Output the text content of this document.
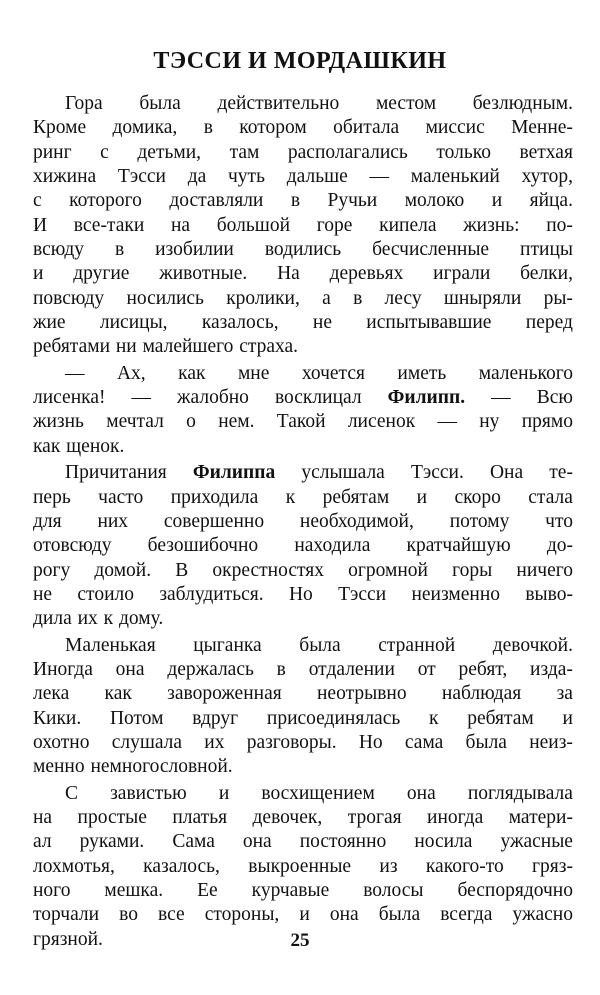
ТЭССИ И МОРДАШКИН
Гора была действительно местом безлюдным.
Кроме домика, в котором обитала миссис Менне-
ринг с детьми, там располагались только ветхая
хижина Тэсси да чуть дальше — маленький хутор,
с которого доставляли в Ручьи молоко и яйца.
И все-таки на большой горе кипела жизнь: по-
всюду в изобилии водились бесчисленные птицы
и другие животные. На деревьях играли белки,
повсюду носились кролики, а в лесу шныряли ры-
жие лисицы, казалось, не испытывавшие перед
ребятами ни малейшего страха.
— Ах, как мне хочется иметь маленького
лисенка! — жалобно восклицал Филипп. — Всю
жизнь мечтал о нем. Такой лисенок — ну прямо
как щенок.
Причитания Филиппа услышала Тэсси. Она те-
перь часто приходила к ребятам и скоро стала
для них совершенно необходимой, потому что
отовсюду безошибочно находила кратчайшую до-
рогу домой. В окрестностях огромной горы ничего
не стоило заблудиться. Но Тэсси неизменно выво-
дила их к дому.
Маленькая цыганка была странной девочкой.
Иногда она держалась в отдалении от ребят, изда-
лека как завороженная неотрывно наблюдая за
Кики. Потом вдруг присоединялась к ребятам и
охотно слушала их разговоры. Но сама была неиз-
менно немногословной.
С завистью и восхищением она поглядывала
на простые платья девочек, трогая иногда матери-
ал руками. Сама она постоянно носила ужасные
лохмотья, казалось, выкроенные из какого-то гряз-
ного мешка. Ее курчавые волосы беспорядочно
торчали во все стороны, и она была всегда ужасно
грязной.	25
